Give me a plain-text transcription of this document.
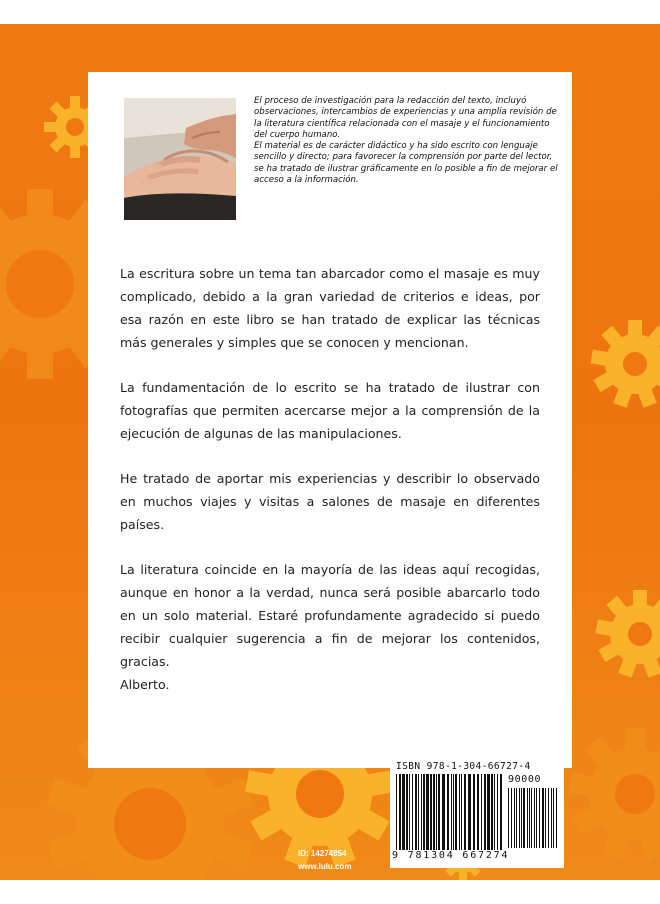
El proceso de investigación para la redacción del texto, incluyó observaciones, intercambios de experiencias y una amplia revisión de la literatura científica relacionada con el masaje y el funcionamiento del cuerpo humano.

El material es de carácter didáctico y ha sido escrito con lenguaje sencillo y directo; para favorecer la comprensión por parte del lector, se ha tratado de ilustrar gráficamente en lo posible a fin de mejorar el acceso a la información.

La escritura sobre un tema tan abarcador como el masaje es muy complicado, debido a la gran variedad de criterios e ideas, por esa razón en este libro se han tratado de explicar las técnicas más generales y simples que se conocen y mencionan.

La fundamentación de lo escrito se ha tratado de ilustrar con fotografías que permiten acercarse mejor a la comprensión de la ejecución de algunas de las manipulaciones.

He tratado de aportar mis experiencias y describir lo observado en muchos viajes y visitas a salones de masaje en diferentes países.

La literatura coincide en la mayoría de las ideas aquí recogidas, aunque en honor a la verdad, nunca será posible abarcarlo todo en un solo material. Estaré profundamente agradecido si puedo recibir cualquier sugerencia a fin de mejorar los contenidos, gracias.

Alberto.

ID: 14274854
www.lulu.com
ISBN 978-1-304-66727-4
90000
9 781304 667274
